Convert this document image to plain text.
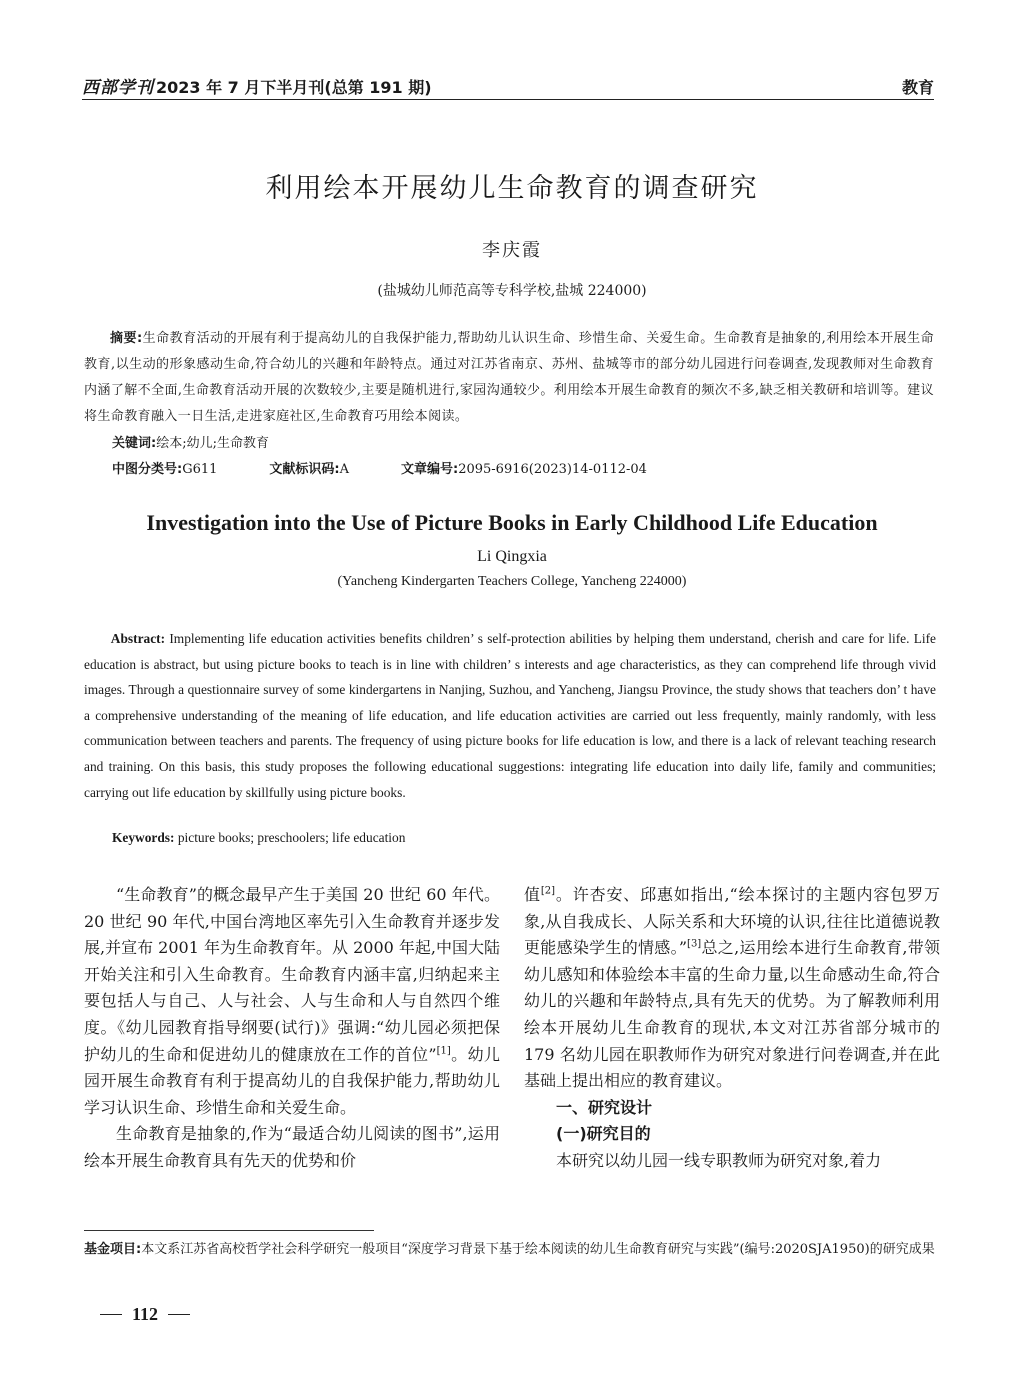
西部学刊 2023 年 7 月下半月刊(总第 191 期)	教育
利用绘本开展幼儿生命教育的调查研究
李庆霞
(盐城幼儿师范高等专科学校,盐城 224000)
摘要:生命教育活动的开展有利于提高幼儿的自我保护能力,帮助幼儿认识生命、珍惜生命、关爱生命。生命教育是抽象的,利用绘本开展生命教育,以生动的形象感动生命,符合幼儿的兴趣和年龄特点。通过对江苏省南京、苏州、盐城等市的部分幼儿园进行问卷调查,发现教师对生命教育内涵了解不全面,生命教育活动开展的次数较少,主要是随机进行,家园沟通较少。利用绘本开展生命教育的频次不多,缺乏相关教研和培训等。建议将生命教育融入一日生活,走进家庭社区,生命教育巧用绘本阅读。
关键词:绘本;幼儿;生命教育
中图分类号:G611	文献标识码:A	文章编号:2095-6916(2023)14-0112-04
Investigation into the Use of Picture Books in Early Childhood Life Education
Li Qingxia
(Yancheng Kindergarten Teachers College, Yancheng 224000)
Abstract: Implementing life education activities benefits children’ s self-protection abilities by helping them understand, cherish and care for life. Life education is abstract, but using picture books to teach is in line with children’ s interests and age characteristics, as they can comprehend life through vivid images. Through a questionnaire survey of some kindergartens in Nanjing, Suzhou, and Yancheng, Jiangsu Province, the study shows that teachers don’ t have a comprehensive understanding of the meaning of life education, and life education activities are carried out less frequently, mainly randomly, with less communication between teachers and parents. The frequency of using picture books for life education is low, and there is a lack of relevant teaching research and training. On this basis, this study proposes the following educational suggestions: integrating life education into daily life, family and communities; carrying out life education by skillfully using picture books.
Keywords: picture books; preschoolers; life education

“生命教育”的概念最早产生于美国 20 世纪 60 年代。20 世纪 90 年代,中国台湾地区率先引入生命教育并逐步发展,并宣布 2001 年为生命教育年。从 2000 年起,中国大陆开始关注和引入生命教育。生命教育内涵丰富,归纳起来主要包括人与自己、人与社会、人与生命和人与自然四个维度。《幼儿园教育指导纲要(试行)》强调:“幼儿园必须把保护幼儿的生命和促进幼儿的健康放在工作的首位”[1]。幼儿园开展生命教育有利于提高幼儿的自我保护能力,帮助幼儿学习认识生命、珍惜生命和关爱生命。

生命教育是抽象的,作为“最适合幼儿阅读的图书”,运用绘本开展生命教育具有先天的优势和价

值[2]。许杏安、邱惠如指出,“绘本探讨的主题内容包罗万象,从自我成长、人际关系和大环境的认识,往往比道德说教更能感染学生的情感。”[3]总之,运用绘本进行生命教育,带领幼儿感知和体验绘本丰富的生命力量,以生命感动生命,符合幼儿的兴趣和年龄特点,具有先天的优势。为了解教师利用绘本开展幼儿生命教育的现状,本文对江苏省部分城市的 179 名幼儿园在职教师作为研究对象进行问卷调查,并在此基础上提出相应的教育建议。

一、研究设计
(一)研究目的

本研究以幼儿园一线专职教师为研究对象,着力

基金项目:本文系江苏省高校哲学社会科学研究一般项目“深度学习背景下基于绘本阅读的幼儿生命教育研究与实践”(编号:2020SJA1950)的研究成果
112
